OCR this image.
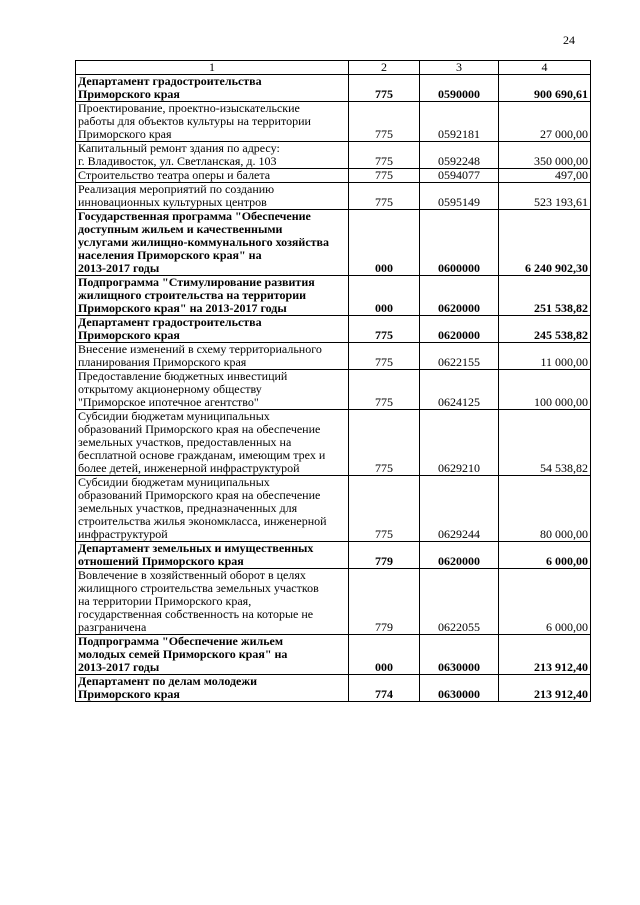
24
1	2	3	4
Департамент градостроительства
Приморского края	775	0590000	900 690,61
Проектирование, проектно-изыскательские
работы для объектов культуры на территории
Приморского края	775	0592181	27 000,00
Капитальный ремонт здания по адресу:
г. Владивосток, ул. Светланская, д. 103	775	0592248	350 000,00
Строительство театра оперы и балета	775	0594077	497,00
Реализация мероприятий по созданию
инновационных культурных центров	775	0595149	523 193,61
Государственная программа "Обеспечение
доступным жильем и качественными
услугами жилищно-коммунального хозяйства
населения Приморского края" на
2013-2017 годы	000	0600000	6 240 902,30
Подпрограмма "Стимулирование развития
жилищного строительства на территории
Приморского края" на 2013-2017 годы	000	0620000	251 538,82
Департамент градостроительства
Приморского края	775	0620000	245 538,82
Внесение изменений в схему территориального
планирования Приморского края	775	0622155	11 000,00
Предоставление бюджетных инвестиций
открытому акционерному обществу
"Приморское ипотечное агентство"	775	0624125	100 000,00
Субсидии бюджетам муниципальных
образований Приморского края на обеспечение
земельных участков, предоставленных на
бесплатной основе гражданам, имеющим трех и
более детей, инженерной инфраструктурой	775	0629210	54 538,82
Субсидии бюджетам муниципальных
образований Приморского края на обеспечение
земельных участков, предназначенных для
строительства жилья экономкласса, инженерной
инфраструктурой	775	0629244	80 000,00
Департамент земельных и имущественных
отношений Приморского края	779	0620000	6 000,00
Вовлечение в хозяйственный оборот в целях
жилищного строительства земельных участков
на территории Приморского края,
государственная собственность на которые не
разграничена	779	0622055	6 000,00
Подпрограмма "Обеспечение жильем
молодых семей Приморского края" на
2013-2017 годы	000	0630000	213 912,40
Департамент по делам молодежи
Приморского края	774	0630000	213 912,40
